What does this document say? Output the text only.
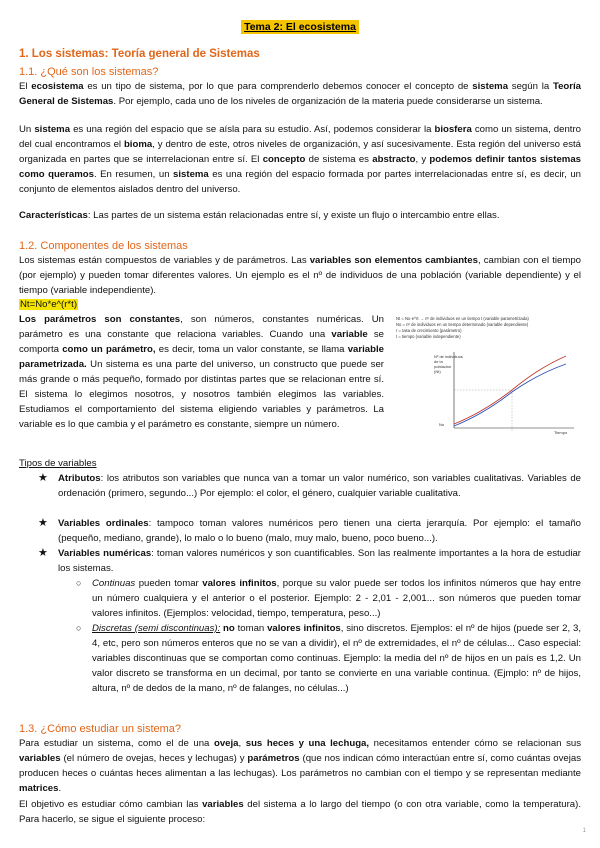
Tema 2: El ecosistema
1. Los sistemas: Teoría general de Sistemas
1.1. ¿Qué son los sistemas?

El ecosistema es un tipo de sistema, por lo que para comprenderlo debemos conocer el concepto de sistema según la Teoría General de Sistemas. Por ejemplo, cada uno de los niveles de organización de la materia puede considerarse un sistema.

Un sistema es una región del espacio que se aísla para su estudio. Así, podemos considerar la biosfera como un sistema, dentro del cual encontramos el bioma, y dentro de este, otros niveles de organización, y así sucesivamente. Esta región del universo está organizada en partes que se interrelacionan entre sí. El concepto de sistema es abstracto, y podemos definir tantos sistemas como queramos. En resumen, un sistema es una región del espacio formada por partes interrelacionadas entre sí, es decir, un conjunto de elementos aislados dentro del universo.

Características: Las partes de un sistema están relacionadas entre sí, y existe un flujo o intercambio entre ellas.

1.2. Componentes de los sistemas

Los sistemas están compuestos de variables y de parámetros. Las variables son elementos cambiantes, cambian con el tiempo (por ejemplo) y pueden tomar diferentes valores. Un ejemplo es el nº de individuos de una población (variable dependiente) y el tiempo (variable independiente).

Nt=No*e^(r*t)

Los parámetros son constantes, son números, constantes numéricas. Un parámetro es una constante que relaciona variables. Cuando una variable se comporta como un parámetro, es decir, toma un valor constante, se llama variable parametrizada. Un sistema es una parte del universo, un constructo que puede ser más grande o más pequeño, formado por distintas partes que se relacionan entre sí. El sistema lo elegimos nosotros, y nosotros también elegimos las variables. Estudiamos el comportamiento del sistema eligiendo variables y parámetros. La variable es lo que cambia y el parámetro es constante, siempre un número.

Nt = No·e^rt → nº de individuos en un tiempo t (variable parametrizada)
No = nº de individuos en un tiempo determinado (variable dependiente)
r = tasa de crecimiento (parámetro)
t = tiempo (variable independiente)
Nº de individuos
de la
población
(Nt)
No
Tiempo
Tipos de variables
★ Atributos: los atributos son variables que nunca van a tomar un valor numérico, son variables cualitativas. Variables de ordenación (primero, segundo...) Por ejemplo: el color, el género, cualquier variable cualitativa.
★ Variables ordinales: tampoco toman valores numéricos pero tienen una cierta jerarquía. Por ejemplo: el tamaño (pequeño, mediano, grande), lo malo o lo bueno (malo, muy malo, bueno, poco bueno...).
★ Variables numéricas: toman valores numéricos y son cuantificables. Son las realmente importantes a la hora de estudiar los sistemas.
○ Continuas pueden tomar valores infinitos, porque su valor puede ser todos los infinitos números que hay entre un número cualquiera y el anterior o el posterior. Ejemplo: 2 - 2,01 - 2,001... son números que pueden tomar valores infinitos. (Ejemplos: velocidad, tiempo, temperatura, peso...)
○ Discretas (semi discontinuas): no toman valores infinitos, sino discretos. Ejemplos: el nº de hijos (puede ser 2, 3, 4, etc, pero son números enteros que no se van a dividir), el nº de extremidades, el nº de células... Caso especial: variables discontinuas que se comportan como continuas. Ejemplo: la media del nº de hijos en un país es 1,2. Un valor discreto se transforma en un decimal, por tanto se convierte en una variable continua. (Ejmplo: nº de hijos, altura, nº de dedos de la mano, nº de falanges, no células...)
1.3. ¿Cómo estudiar un sistema?

Para estudiar un sistema, como el de una oveja, sus heces y una lechuga, necesitamos entender cómo se relacionan sus variables (el número de ovejas, heces y lechugas) y parámetros (que nos indican cómo interactúan entre sí, como cuántas ovejas producen heces o cuántas heces alimentan a las lechugas). Los parámetros no cambian con el tiempo y se representan mediante matrices.

El objetivo es estudiar cómo cambian las variables del sistema a lo largo del tiempo (o con otra variable, como la temperatura). Para hacerlo, se sigue el siguiente proceso:

1
